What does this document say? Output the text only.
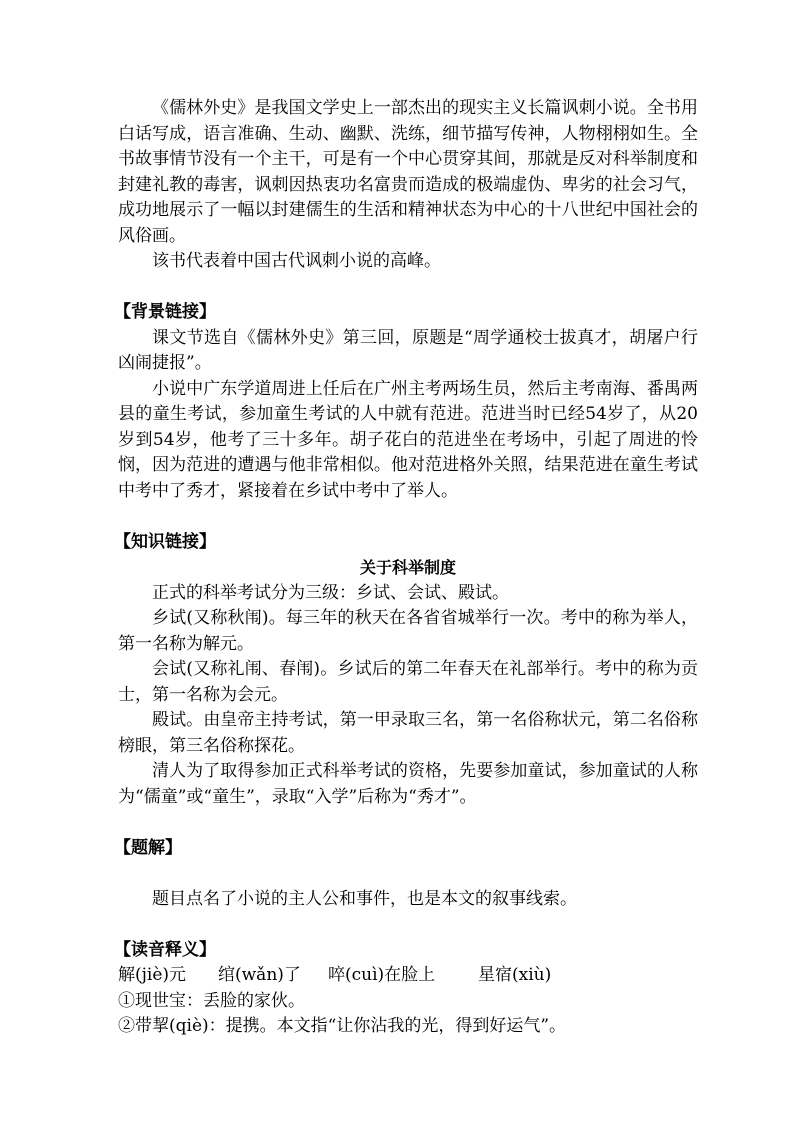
《儒林外史》是我国文学史上一部杰出的现实主义长篇讽刺小说。全书用白话写成，语言准确、生动、幽默、洗练，细节描写传神，人物栩栩如生。全书故事情节没有一个主干，可是有一个中心贯穿其间，那就是反对科举制度和封建礼教的毒害，讽刺因热衷功名富贵而造成的极端虚伪、卑劣的社会习气，成功地展示了一幅以封建儒生的生活和精神状态为中心的十八世纪中国社会的风俗画。

该书代表着中国古代讽刺小说的高峰。

【背景链接】

课文节选自《儒林外史》第三回，原题是“周学通校士拔真才，胡屠户行凶闹捷报”。

小说中广东学道周进上任后在广州主考两场生员，然后主考南海、番禺两县的童生考试，参加童生考试的人中就有范进。范进当时已经54岁了，从20岁到54岁，他考了三十多年。胡子花白的范进坐在考场中，引起了周进的怜悯，因为范进的遭遇与他非常相似。他对范进格外关照，结果范进在童生考试中考中了秀才，紧接着在乡试中考中了举人。

【知识链接】
关于科举制度

正式的科举考试分为三级：乡试、会试、殿试。

乡试(又称秋闱)。每三年的秋天在各省省城举行一次。考中的称为举人，第一名称为解元。

会试(又称礼闱、春闱)。乡试后的第二年春天在礼部举行。考中的称为贡士，第一名称为会元。

殿试。由皇帝主持考试，第一甲录取三名，第一名俗称状元，第二名俗称榜眼，第三名俗称探花。

清人为了取得参加正式科举考试的资格，先要参加童试，参加童试的人称为“儒童”或“童生”，录取“入学”后称为“秀才”。

【题解】

题目点名了小说的主人公和事件，也是本文的叙事线索。

【读音释义】
解(jiè)元	绾(wǎn)了	啐(cuì)在脸上	星宿(xiù)

①现世宝：丢脸的家伙。

②带挈(qiè)：提携。本文指“让你沾我的光，得到好运气”。
